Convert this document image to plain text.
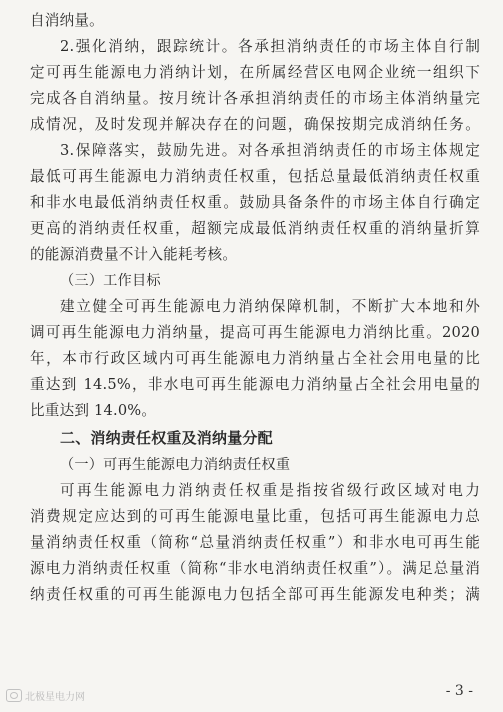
自消纳量。
2.强化消纳，跟踪统计。各承担消纳责任的市场主体自行制
定可再生能源电力消纳计划，在所属经营区电网企业统一组织下
完成各自消纳量。按月统计各承担消纳责任的市场主体消纳量完
成情况，及时发现并解决存在的问题，确保按期完成消纳任务。
3.保障落实，鼓励先进。对各承担消纳责任的市场主体规定
最低可再生能源电力消纳责任权重，包括总量最低消纳责任权重
和非水电最低消纳责任权重。鼓励具备条件的市场主体自行确定
更高的消纳责任权重，超额完成最低消纳责任权重的消纳量折算
的能源消费量不计入能耗考核。
（三）工作目标
建立健全可再生能源电力消纳保障机制，不断扩大本地和外
调可再生能源电力消纳量，提高可再生能源电力消纳比重。2020
年，本市行政区域内可再生能源电力消纳量占全社会用电量的比
重达到 14.5%，非水电可再生能源电力消纳量占全社会用电量的
比重达到 14.0%。
二、消纳责任权重及消纳量分配
（一）可再生能源电力消纳责任权重
可再生能源电力消纳责任权重是指按省级行政区域对电力
消费规定应达到的可再生能源电量比重，包括可再生能源电力总
量消纳责任权重（简称“总量消纳责任权重”）和非水电可再生能
源电力消纳责任权重（简称“非水电消纳责任权重”）。满足总量消
纳责任权重的可再生能源电力包括全部可再生能源发电种类；满
北极星电力网	- 3 -
